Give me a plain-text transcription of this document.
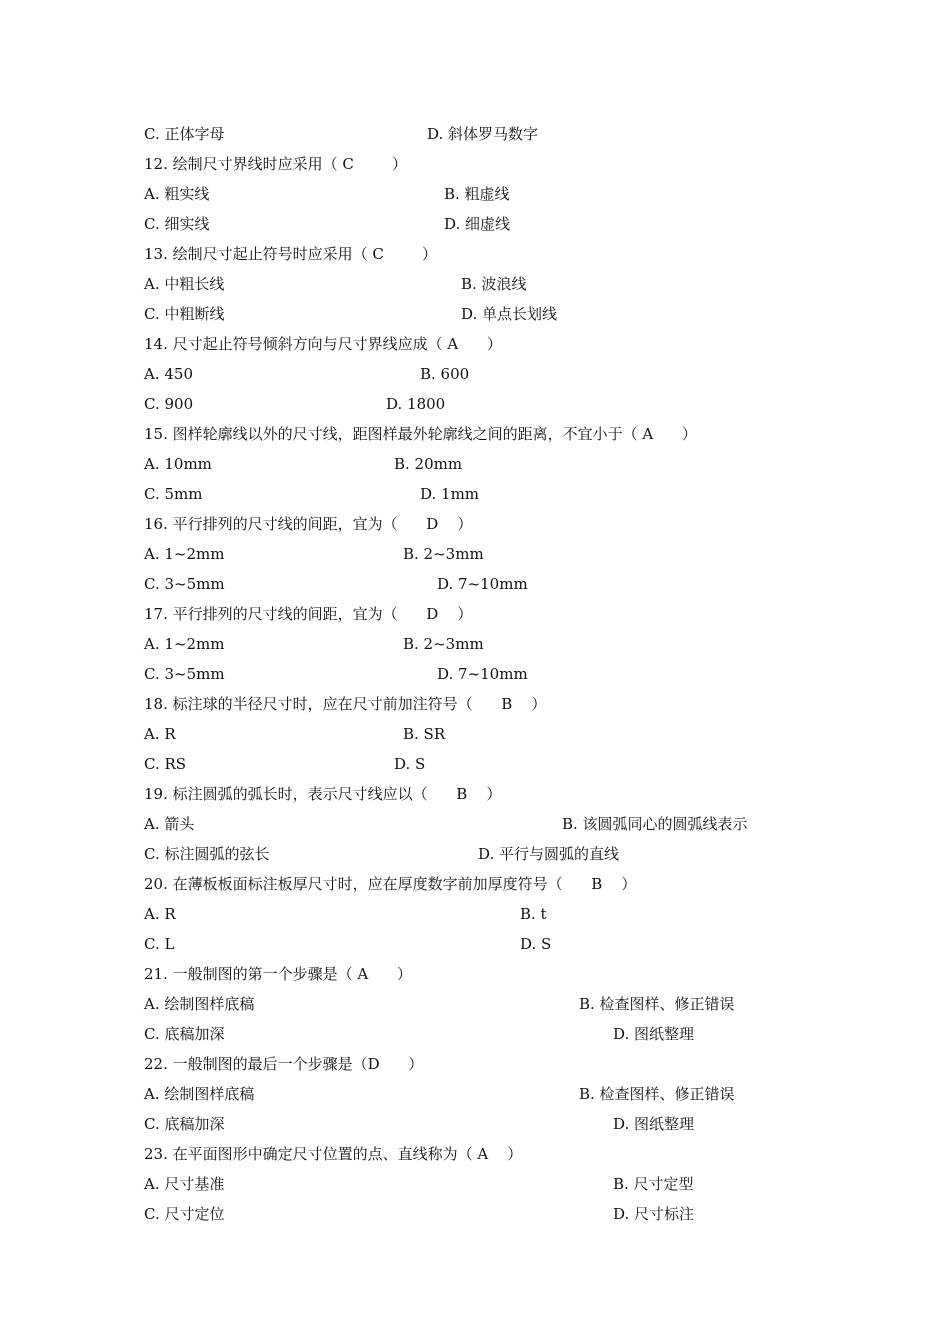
C. 正体字母	D. 斜体罗马数字
12. 绘制尺寸界线时应采用（ C        ）
A. 粗实线	B. 粗虚线
C. 细实线	D. 细虚线
13. 绘制尺寸起止符号时应采用（ C        ）
A. 中粗长线	B. 波浪线
C. 中粗断线	D. 单点长划线
14. 尺寸起止符号倾斜方向与尺寸界线应成（ A      ）
A. 450	B. 600
C. 900	D. 1800
15. 图样轮廓线以外的尺寸线，距图样最外轮廓线之间的距离，不宜小于（ A      ）
A. 10mm	B. 20mm
C. 5mm	D. 1mm
16. 平行排列的尺寸线的间距，宜为（      D    ）
A. 1~2mm	B. 2~3mm
C. 3~5mm	D. 7~10mm
17. 平行排列的尺寸线的间距，宜为（      D    ）
A. 1~2mm	B. 2~3mm
C. 3~5mm	D. 7~10mm
18. 标注球的半径尺寸时，应在尺寸前加注符号（      B    ）
A. R	B. SR
C. RS	D. S
19. 标注圆弧的弧长时，表示尺寸线应以（      B    ）
A. 箭头	B. 该圆弧同心的圆弧线表示
C. 标注圆弧的弦长	D. 平行与圆弧的直线
20. 在薄板板面标注板厚尺寸时，应在厚度数字前加厚度符号（      B    ）
A. R	B. t
C. L	D. S
21. 一般制图的第一个步骤是（ A      ）
A. 绘制图样底稿	B. 检查图样、修正错误
C. 底稿加深	D. 图纸整理
22. 一般制图的最后一个步骤是（D      ）
A. 绘制图样底稿	B. 检查图样、修正错误
C. 底稿加深	D. 图纸整理
23. 在平面图形中确定尺寸位置的点、直线称为（ A    ）
A. 尺寸基准	B. 尺寸定型
C. 尺寸定位	D. 尺寸标注
